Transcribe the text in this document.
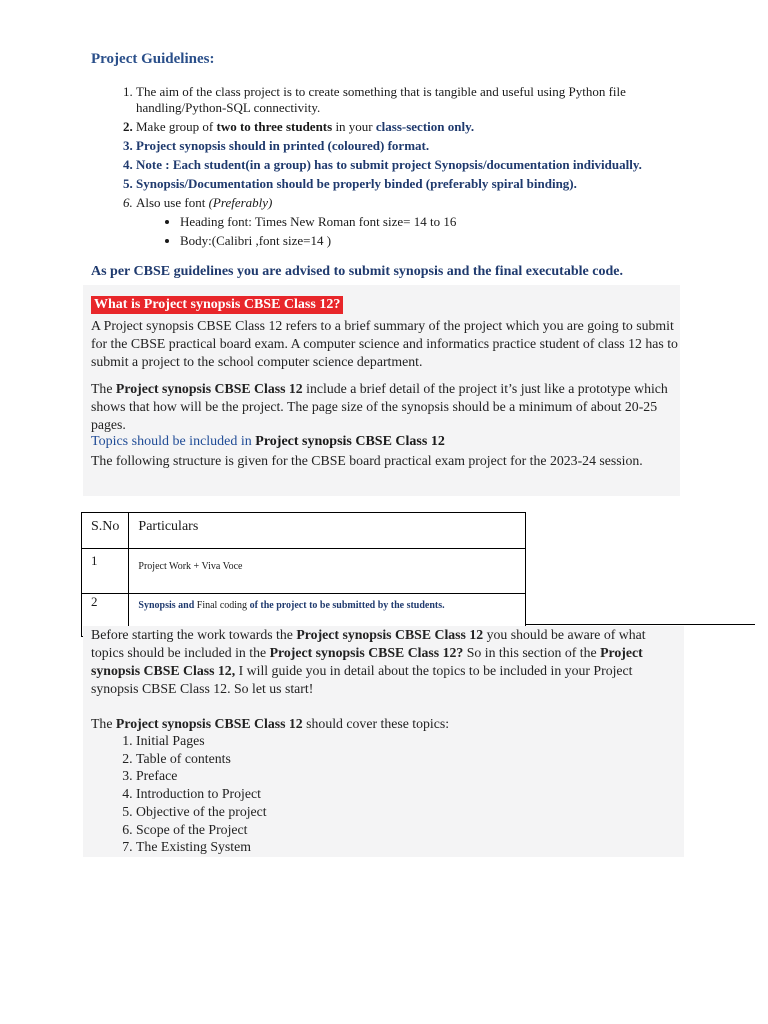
Project Guidelines:
1. The aim of the class project is to create something that is tangible and useful using Python file handling/Python-SQL connectivity.
2. Make group of two to three students in your class-section only.
3. Project synopsis should in printed (coloured) format.
4. Note : Each student(in a group) has to submit project Synopsis/documentation individually.
5. Synopsis/Documentation should be properly binded (preferably spiral binding).
6. Also use font (Preferably)
• Heading font: Times New Roman font size= 14 to 16
• Body:(Calibri ,font size=14 )
As per CBSE guidelines you are advised to submit synopsis and the final executable code.
What is Project synopsis CBSE Class 12?
A Project synopsis CBSE Class 12 refers to a brief summary of the project which you are going to submit for the CBSE practical board exam. A computer science and informatics practice student of class 12 has to submit a project to the school computer science department.
The Project synopsis CBSE Class 12 include a brief detail of the project it’s just like a prototype which shows that how will be the project. The page size of the synopsis should be a minimum of about 20-25 pages.
Topics should be included in Project synopsis CBSE Class 12
The following structure is given for the CBSE board practical exam project for the 2023-24 session.
S.No	Particulars
1	Project Work + Viva Voce
2	Synopsis and Final coding of the project to be submitted by the students.
Before starting the work towards the Project synopsis CBSE Class 12 you should be aware of what topics should be included in the Project synopsis CBSE Class 12? So in this section of the Project synopsis CBSE Class 12, I will guide you in detail about the topics to be included in your Project synopsis CBSE Class 12. So let us start!
The Project synopsis CBSE Class 12 should cover these topics:
1. Initial Pages
2. Table of contents
3. Preface
4. Introduction to Project
5. Objective of the project
6. Scope of the Project
7. The Existing System
